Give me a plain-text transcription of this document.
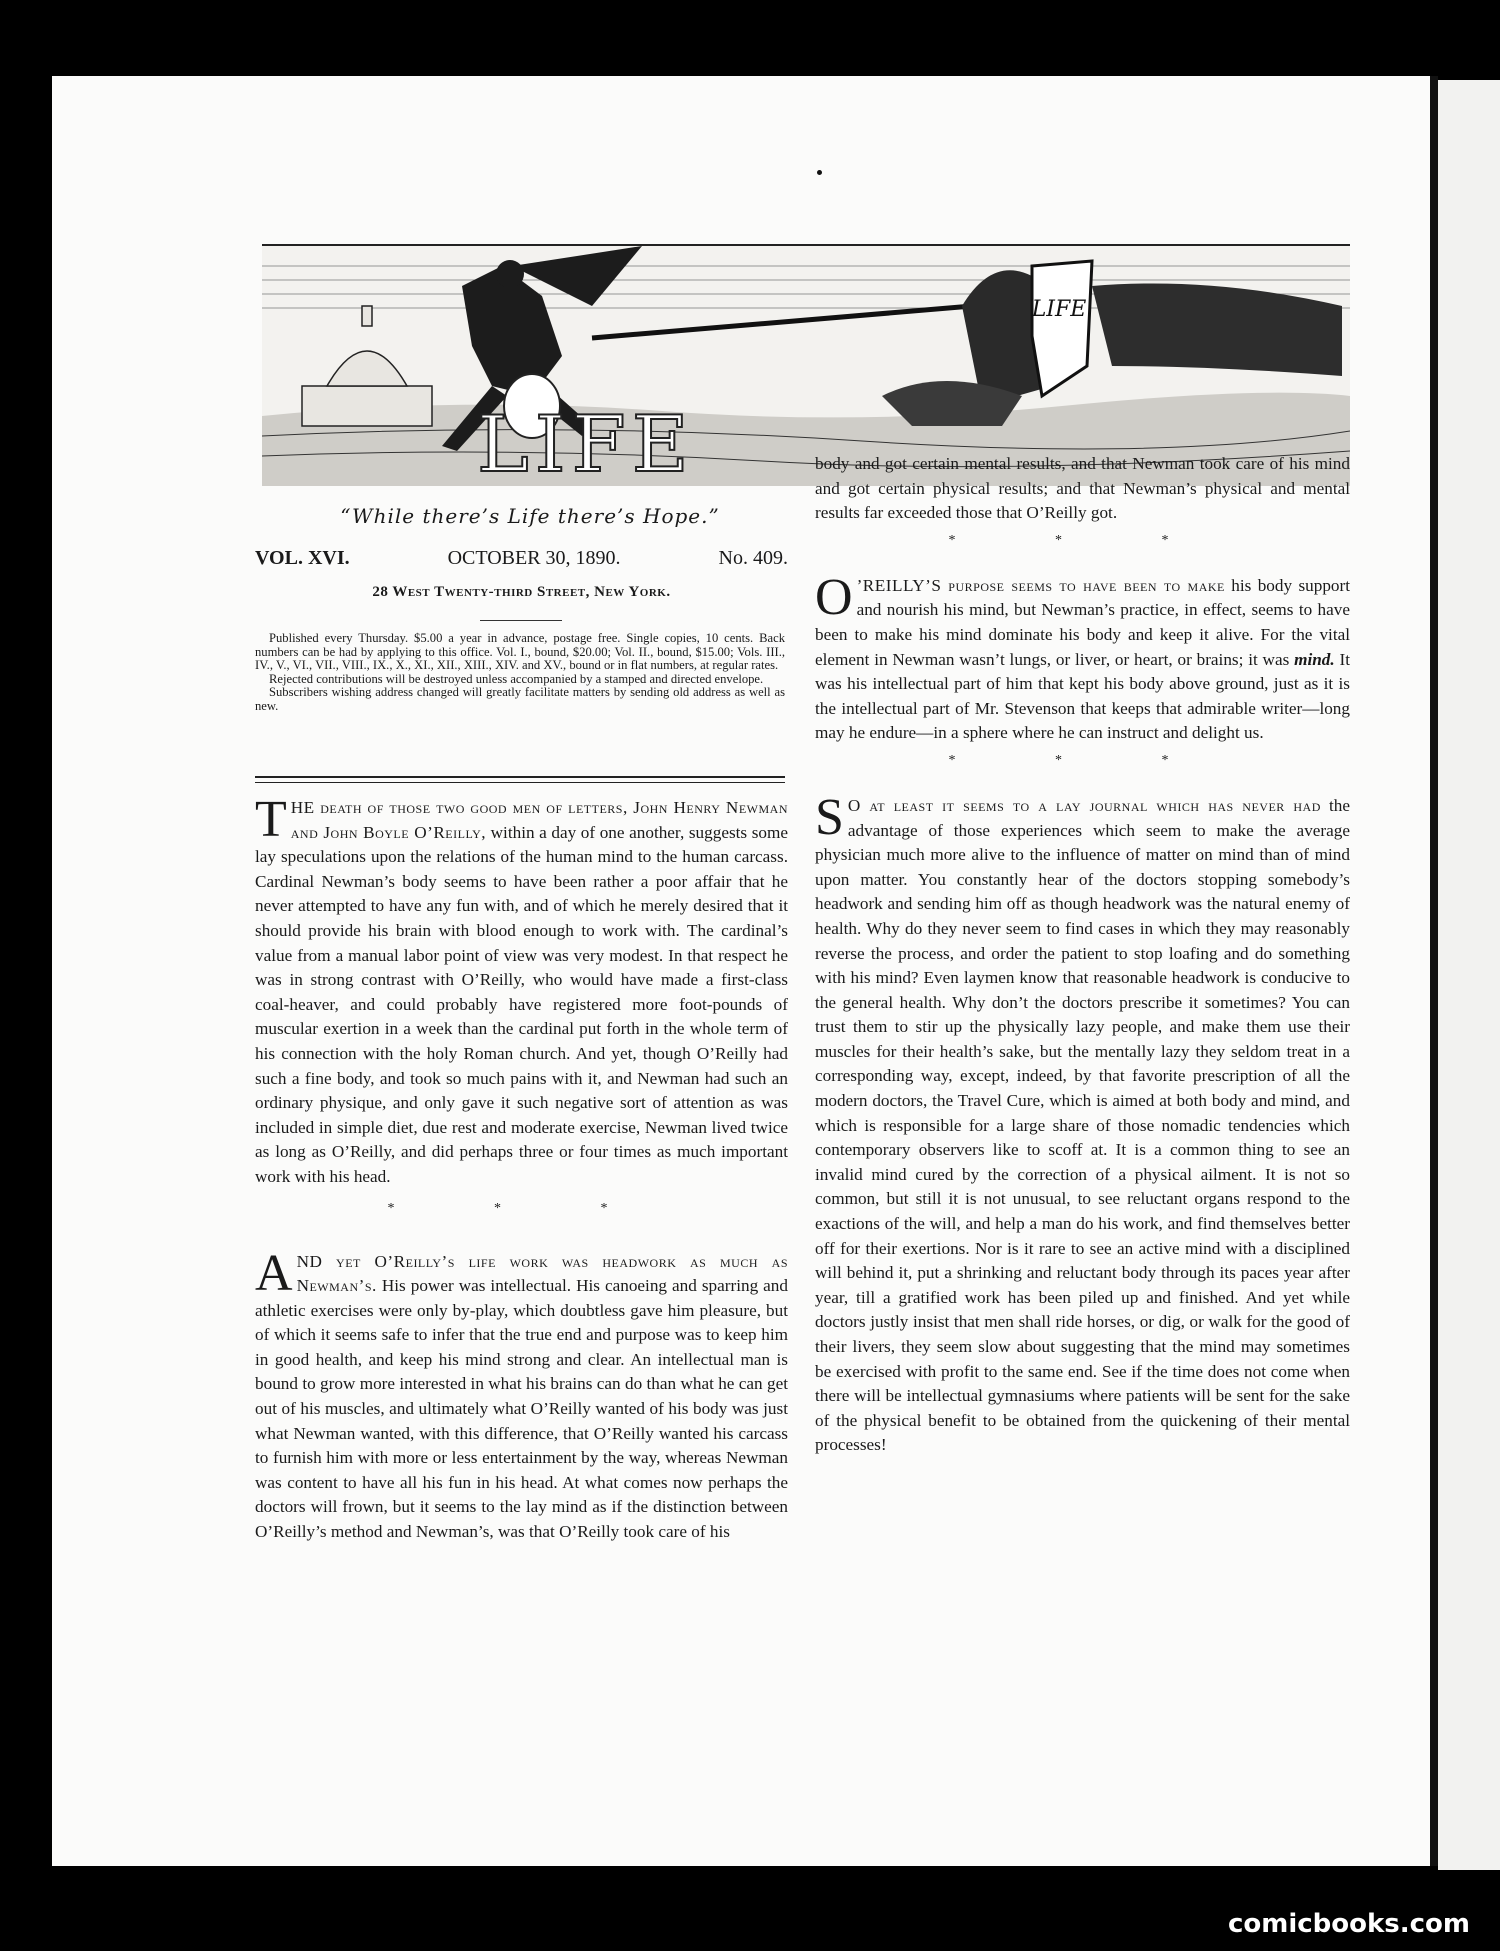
LIFE
LIFE
“While there’s Life there’s Hope.”
VOL. XVI.	OCTOBER 30, 1890.	No. 409.
28 West Twenty-third Street, New York.

Published every Thursday. $5.00 a year in advance, postage free. Single copies, 10 cents. Back numbers can be had by applying to this office. Vol. I., bound, $20.00; Vol. II., bound, $15.00; Vols. III., IV., V., VI., VII., VIII., IX., X., XI., XII., XIII., XIV. and XV., bound or in flat numbers, at regular rates.

Rejected contributions will be destroyed unless accompanied by a stamped and directed envelope.

Subscribers wishing address changed will greatly facilitate matters by sending old address as well as new.

THE death of those two good men of letters, John Henry Newman and John Boyle O’Reilly, within a day of one another, suggests some lay speculations upon the relations of the human mind to the human carcass. Cardinal Newman’s body seems to have been rather a poor affair that he never attempted to have any fun with, and of which he merely desired that it should provide his brain with blood enough to work with. The cardinal’s value from a manual labor point of view was very modest. In that respect he was in strong contrast with O’Reilly, who would have made a first-class coal-heaver, and could probably have registered more foot-pounds of muscular exertion in a week than the cardinal put forth in the whole term of his connection with the holy Roman church. And yet, though O’Reilly had such a fine body, and took so much pains with it, and Newman had such an ordinary physique, and only gave it such negative sort of attention as was included in simple diet, due rest and moderate exercise, Newman lived twice as long as O’Reilly, and did perhaps three or four times as much important work with his head.

* * *

AND yet O’Reilly’s life work was headwork as much as Newman’s. His power was intellectual. His canoeing and sparring and athletic exercises were only by-play, which doubtless gave him pleasure, but of which it seems safe to infer that the true end and purpose was to keep him in good health, and keep his mind strong and clear. An intellectual man is bound to grow more interested in what his brains can do than what he can get out of his muscles, and ultimately what O’Reilly wanted of his body was just what Newman wanted, with this difference, that O’Reilly wanted his carcass to furnish him with more or less entertainment by the way, whereas Newman was content to have all his fun in his head. At what comes now perhaps the doctors will frown, but it seems to the lay mind as if the distinction between O’Reilly’s method and Newman’s, was that O’Reilly took care of his

body and got certain mental results, and that Newman took care of his mind and got certain physical results; and that Newman’s physical and mental results far exceeded those that O’Reilly got.

* * *

O ’REILLY’S purpose seems to have been to make his body support and nourish his mind, but Newman’s practice, in effect, seems to have been to make his mind dominate his body and keep it alive. For the vital element in Newman wasn’t lungs, or liver, or heart, or brains; it was mind. It was his intellectual part of him that kept his body above ground, just as it is the intellectual part of Mr. Stevenson that keeps that admirable writer—long may he endure—in a sphere where he can instruct and delight us.

* * *

S O at least it seems to a lay journal which has never had the advantage of those experiences which seem to make the average physician much more alive to the influence of matter on mind than of mind upon matter. You constantly hear of the doctors stopping somebody’s headwork and sending him off as though headwork was the natural enemy of health. Why do they never seem to find cases in which they may reasonably reverse the process, and order the patient to stop loafing and do something with his mind? Even laymen know that reasonable headwork is conducive to the general health. Why don’t the doctors prescribe it sometimes? You can trust them to stir up the physically lazy people, and make them use their muscles for their health’s sake, but the mentally lazy they seldom treat in a corresponding way, except, indeed, by that favorite prescription of all the modern doctors, the Travel Cure, which is aimed at both body and mind, and which is responsible for a large share of those nomadic tendencies which contemporary observers like to scoff at. It is a common thing to see an invalid mind cured by the correction of a physical ailment. It is not so common, but still it is not unusual, to see reluctant organs respond to the exactions of the will, and help a man do his work, and find themselves better off for their exertions. Nor is it rare to see an active mind with a disciplined will behind it, put a shrinking and reluctant body through its paces year after year, till a gratified work has been piled up and finished. And yet while doctors justly insist that men shall ride horses, or dig, or walk for the good of their livers, they seem slow about suggesting that the mind may sometimes be exercised with profit to the same end. See if the time does not come when there will be intellectual gymnasiums where patients will be sent for the sake of the physical benefit to be obtained from the quickening of their mental processes!

comicbooks.com
